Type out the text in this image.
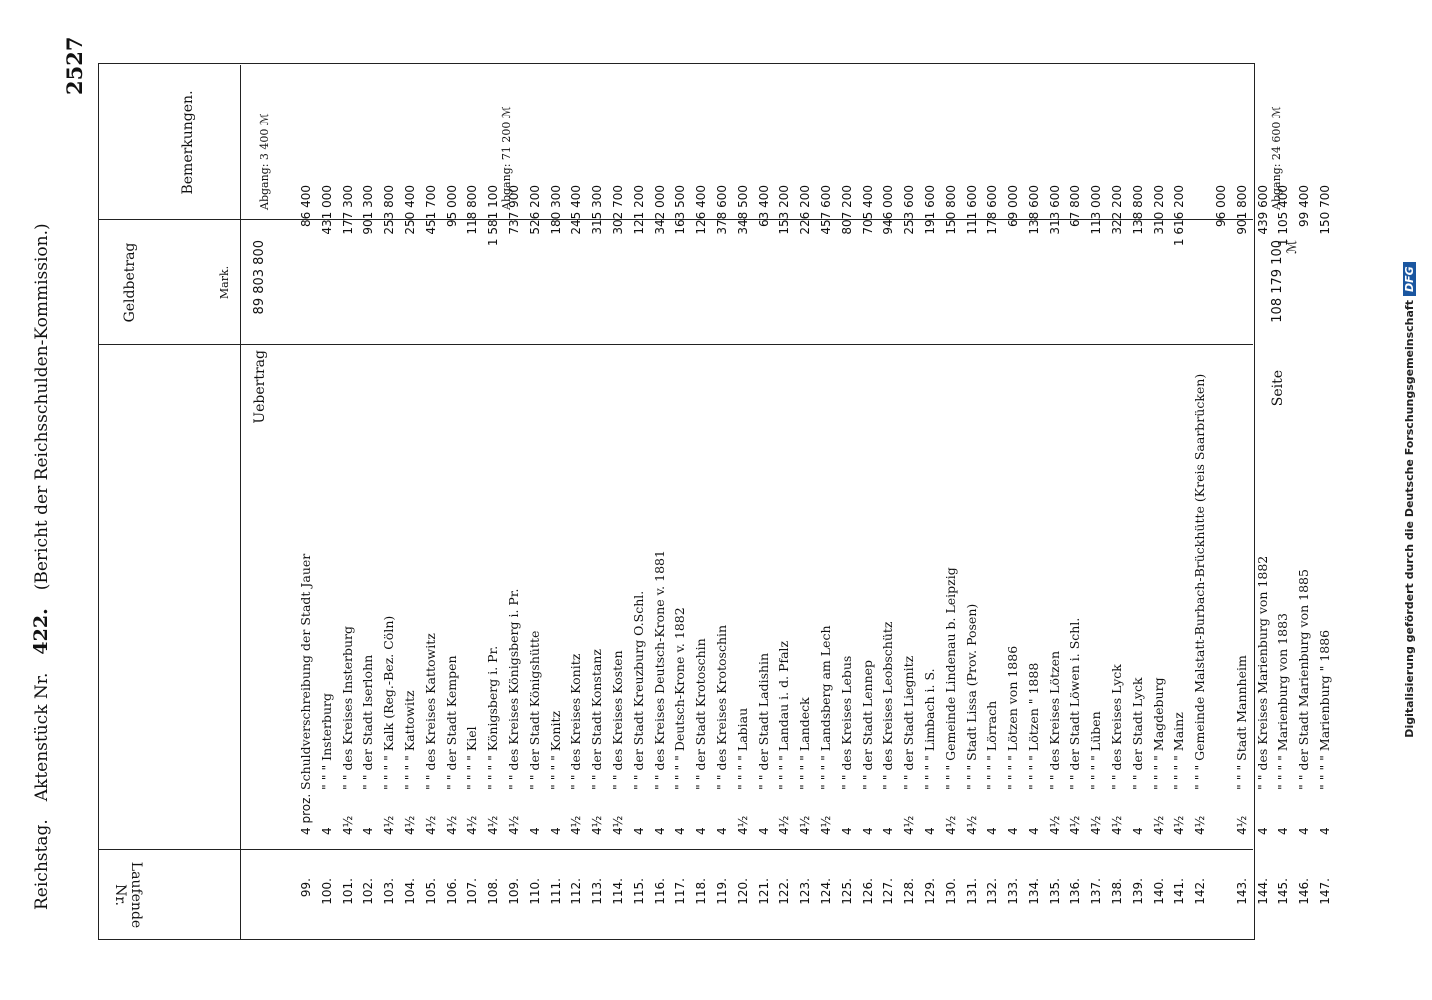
Reichstag.
Aktenstück Nr.
422.
(Bericht der Reichsschulden-Kommission.)
2527
Laufende Nr.
Geldbetrag	Mark.
Bemerkungen.
Uebertrag
89 803 800
99.
4 proz.
Schuldverschreibung der Stadt Jauer
86 400
100.
4
" " " Insterburg
431 000
101.
4½
" " des Kreises Insterburg
177 300
102.
4
" " der Stadt Iserlohn
901 300
103.
4½
" " " " Kalk (Reg.-Bez. Cöln)
253 800
104.
4½
" " " " Kattowitz
250 400
105.
4½
" " des Kreises Kattowitz
451 700
106.
4½
" " der Stadt Kempen
95 000
107.
4½
" " " " Kiel
118 800
108.
4½
" " " " Königsberg i. Pr.
1 581 100
109.
4½
" " des Kreises Königsberg i. Pr.
737 900
110.
4
" " der Stadt Königshütte
526 200
111.
4
" " " " Konitz
180 300
112.
4½
" " des Kreises Konitz
245 400
113.
4½
" " der Stadt Konstanz
315 300
114.
4½
" " des Kreises Kosten
302 700
115.
4
" " der Stadt Kreuzburg O.Schl.
121 200
116.
4
" " des Kreises Deutsch-Krone v. 1881
342 000
117.
4
" " " " Deutsch-Krone v. 1882
163 500
118.
4
" " der Stadt Krotoschin
126 400
119.
4
" " des Kreises Krotoschin
378 600
120.
4½
" " " " Labiau
348 500
121.
4
" " der Stadt Ladishin
63 400
122.
4½
" " " " Landau i. d. Pfalz
153 200
123.
4½
" " " " Landeck
226 200
124.
4½
" " " " Landsberg am Lech
457 600
125.
4
" " des Kreises Lebus
807 200
126.
4
" " der Stadt Lennep
705 400
127.
4
" " des Kreises Leobschütz
946 000
128.
4½
" " der Stadt Liegnitz
253 600
129.
4
" " " " Limbach i. S.
191 600
130.
4½
" " " Gemeinde Lindenau b. Leipzig
150 800
131.
4½
" " " Stadt Lissa (Prov. Posen)
111 600
132.
4
" " " " Lörrach
178 600
133.
4
" " " " Lötzen von 1886
69 000
134.
4
" " " " Lötzen " 1888
138 600
135.
4½
" " des Kreises Lötzen
313 600
136.
4½
" " der Stadt Löwen i. Schl.
67 800
137.
4½
" " " " Lüben
113 000
138.
4½
" " des Kreises Lyck
322 200
139.
4
" " der Stadt Lyck
138 800
140.
4½
" " " " Magdeburg
310 200
141.
4½
" " " " Mainz
1 616 200
142.
4½
" " " Gemeinde Malstatt-Burbach-Brückhütte (Kreis Saarbrücken)
96 000
143.
4½
" " " Stadt Mannheim
901 800
144.
4
" " des Kreises Marienburg von 1882
439 600
145.
4
" " " " Marienburg von 1883
1 105 400
146.
4
" " der Stadt Marienburg von 1885
99 400
147.
4
" " " " Marienburg " 1886
150 700
Abgang: 3 400 ℳ	Abgang: 71 200 ℳ
Seite
108 179 100 ℳ
Abgang: 24 600 ℳ
Digitalisierung gefördert durch die Deutsche ForschungsgemeinschaftDFG
